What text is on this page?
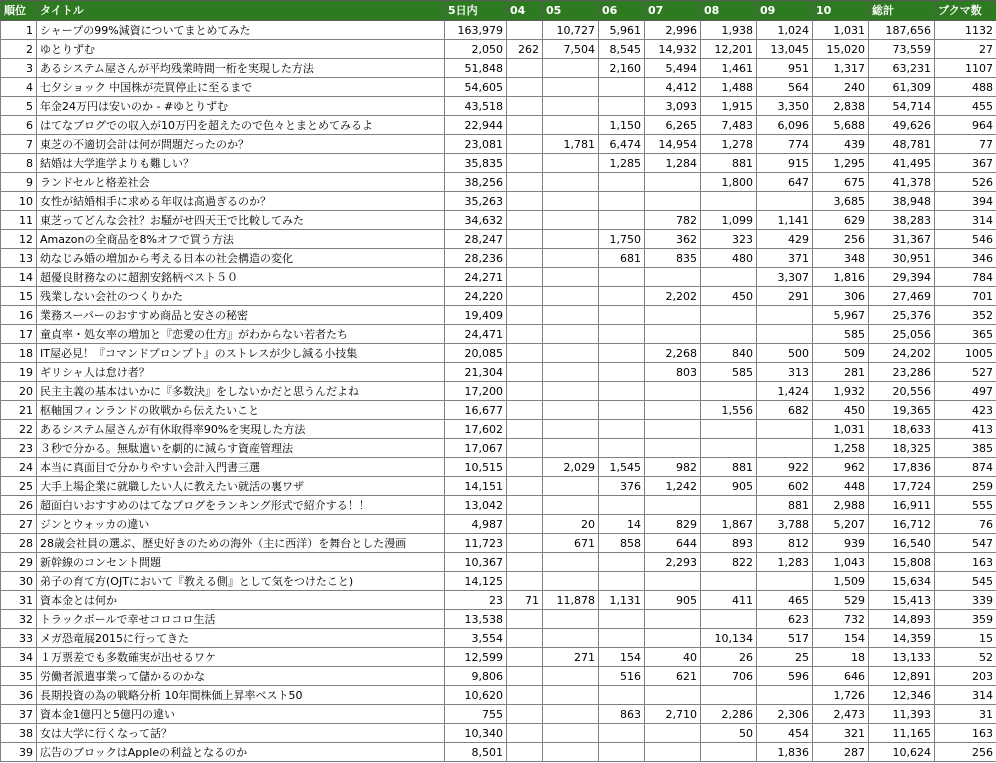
順位	タイトル	5日内	04	05	06	07	08	09	10	総計	ブクマ数
1	シャープの99%減資についてまとめてみた	163,979		10,727	5,961	2,996	1,938	1,024	1,031	187,656	1132
2	ゆとりずむ	2,050	262	7,504	8,545	14,932	12,201	13,045	15,020	73,559	27
3	あるシステム屋さんが平均残業時間一桁を実現した方法	51,848			2,160	5,494	1,461	951	1,317	63,231	1107
4	七夕ショック 中国株が売買停止に至るまで	54,605				4,412	1,488	564	240	61,309	488
5	年金24万円は安いのか - #ゆとりずむ	43,518				3,093	1,915	3,350	2,838	54,714	455
6	はてなブログでの収入が10万円を超えたので色々とまとめてみるよ	22,944			1,150	6,265	7,483	6,096	5,688	49,626	964
7	東芝の不適切会計は何が問題だったのか？	23,081		1,781	6,474	14,954	1,278	774	439	48,781	77
8	結婚は大学進学よりも難しい？	35,835			1,285	1,284	881	915	1,295	41,495	367
9	ランドセルと格差社会	38,256					1,800	647	675	41,378	526
10	女性が結婚相手に求める年収は高過ぎるのか？	35,263							3,685	38,948	394
11	東芝ってどんな会社？お騒がせ四天王で比較してみた	34,632				782	1,099	1,141	629	38,283	314
12	Amazonの全商品を8%オフで買う方法	28,247			1,750	362	323	429	256	31,367	546
13	幼なじみ婚の増加から考える日本の社会構造の変化	28,236			681	835	480	371	348	30,951	346
14	超優良財務なのに超割安銘柄ベスト５０	24,271						3,307	1,816	29,394	784
15	残業しない会社のつくりかた	24,220				2,202	450	291	306	27,469	701
16	業務スーパーのおすすめ商品と安さの秘密	19,409							5,967	25,376	352
17	童貞率・処女率の増加と『恋愛の仕方』がわからない若者たち	24,471							585	25,056	365
18	IT屋必見！『コマンドプロンプト』のストレスが少し減る小技集	20,085				2,268	840	500	509	24,202	1005
19	ギリシャ人は怠け者？	21,304				803	585	313	281	23,286	527
20	民主主義の基本はいかに『多数決』をしないかだと思うんだよね	17,200						1,424	1,932	20,556	497
21	枢軸国フィンランドの敗戦から伝えたいこと	16,677					1,556	682	450	19,365	423
22	あるシステム屋さんが有休取得率90%を実現した方法	17,602							1,031	18,633	413
23	３秒で分かる。無駄遣いを劇的に減らす資産管理法	17,067							1,258	18,325	385
24	本当に真面目で分かりやすい会計入門書三選	10,515		2,029	1,545	982	881	922	962	17,836	874
25	大手上場企業に就職したい人に教えたい就活の裏ワザ	14,151			376	1,242	905	602	448	17,724	259
26	超面白いおすすめのはてなブログをランキング形式で紹介する！！	13,042						881	2,988	16,911	555
27	ジンとウォッカの違い	4,987		20	14	829	1,867	3,788	5,207	16,712	76
28	28歳会社員の選ぶ、歴史好きのための海外（主に西洋）を舞台とした漫画	11,723		671	858	644	893	812	939	16,540	547
29	新幹線のコンセント問題	10,367				2,293	822	1,283	1,043	15,808	163
30	弟子の育て方(OJTにおいて『教える側』として気をつけたこと)	14,125							1,509	15,634	545
31	資本金とは何か	23	71	11,878	1,131	905	411	465	529	15,413	339
32	トラックボールで幸せコロコロ生活	13,538						623	732	14,893	359
33	メガ恐竜展2015に行ってきた	3,554					10,134	517	154	14,359	15
34	１万票差でも多数確実が出せるワケ	12,599		271	154	40	26	25	18	13,133	52
35	労働者派遣事業って儲かるのかな	9,806			516	621	706	596	646	12,891	203
36	長期投資の為の戦略分析 10年間株価上昇率ベスト50	10,620							1,726	12,346	314
37	資本金1億円と5億円の違い	755			863	2,710	2,286	2,306	2,473	11,393	31
38	女は大学に行くなって話？	10,340					50	454	321	11,165	163
39	広告のブロックはAppleの利益となるのか	8,501						1,836	287	10,624	256
